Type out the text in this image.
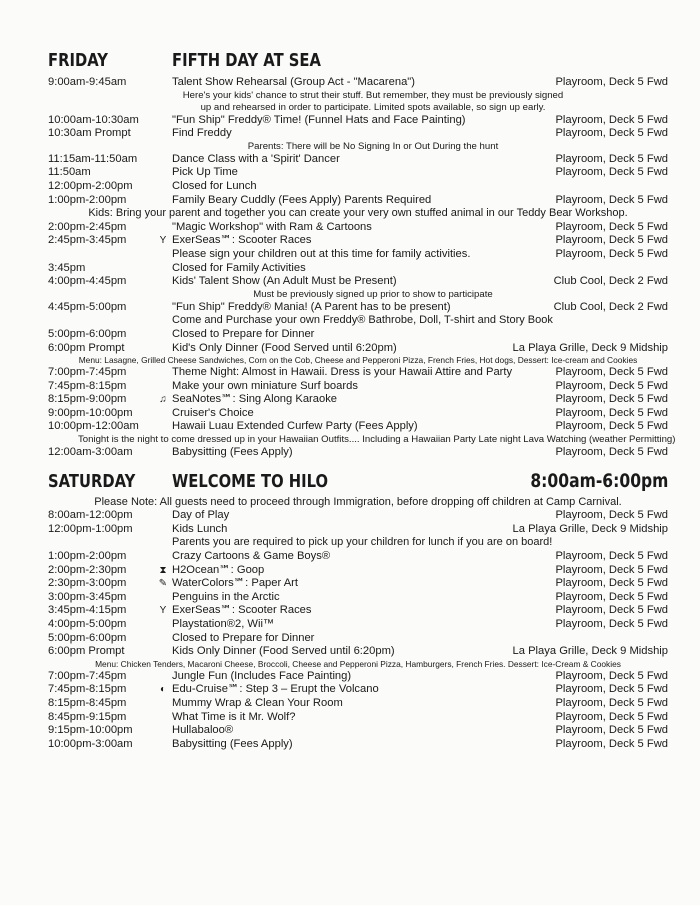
FRIDAY	FIFTH DAY AT SEA
9:00am-9:45am	Talent Show Rehearsal (Group Act - "Macarena")	Playroom, Deck 5 Fwd
Here's your kids' chance to strut their stuff. But remember, they must be previously signed
up and rehearsed in order to participate. Limited spots available, so sign up early.
10:00am-10:30am	"Fun Ship" Freddy® Time! (Funnel Hats and Face Painting)	Playroom, Deck 5 Fwd
10:30am Prompt	Find Freddy	Playroom, Deck 5 Fwd
Parents: There will be No Signing In or Out During the hunt
11:15am-11:50am	Dance Class with a 'Spirit' Dancer	Playroom, Deck 5 Fwd
11:50am	Pick Up Time	Playroom, Deck 5 Fwd
12:00pm-2:00pm	Closed for Lunch
1:00pm-2:00pm	Family Beary Cuddly (Fees Apply) Parents Required	Playroom, Deck 5 Fwd
Kids: Bring your parent and together you can create your very own stuffed animal in our Teddy Bear Workshop.
2:00pm-2:45pm	"Magic Workshop" with Ram & Cartoons	Playroom, Deck 5 Fwd
2:45pm-3:45pm	Y ExerSeas℠: Scooter Races	Playroom, Deck 5 Fwd
Please sign your children out at this time for family activities.	Playroom, Deck 5 Fwd
3:45pm	Closed for Family Activities
4:00pm-4:45pm	Kids' Talent Show (An Adult Must be Present)	Club Cool, Deck 2 Fwd
Must be previously signed up prior to show to participate
4:45pm-5:00pm	"Fun Ship" Freddy® Mania! (A Parent has to be present)	Club Cool, Deck 2 Fwd
Come and Purchase your own Freddy® Bathrobe, Doll, T-shirt and Story Book
5:00pm-6:00pm	Closed to Prepare for Dinner
6:00pm Prompt	Kid's Only Dinner (Food Served until 6:20pm)	La Playa Grille, Deck 9 Midship
Menu: Lasagne, Grilled Cheese Sandwiches, Corn on the Cob, Cheese and Pepperoni Pizza, French Fries, Hot dogs, Dessert: Ice-cream and Cookies
7:00pm-7:45pm	Theme Night: Almost in Hawaii. Dress is your Hawaii Attire and Party	Playroom, Deck 5 Fwd
7:45pm-8:15pm	Make your own miniature Surf boards	Playroom, Deck 5 Fwd
8:15pm-9:00pm	♫ SeaNotes℠: Sing Along Karaoke	Playroom, Deck 5 Fwd
9:00pm-10:00pm	Cruiser's Choice	Playroom, Deck 5 Fwd
10:00pm-12:00am	Hawaii Luau Extended Curfew Party (Fees Apply)	Playroom, Deck 5 Fwd
Tonight is the night to come dressed up in your Hawaiian Outfits.... Including a Hawaiian Party Late night Lava Watching (weather Permitting)
12:00am-3:00am	Babysitting (Fees Apply)	Playroom, Deck 5 Fwd
SATURDAY	WELCOME TO HILO	8:00am-6:00pm
Please Note: All guests need to proceed through Immigration, before dropping off children at Camp Carnival.
8:00am-12:00pm	Day of Play	Playroom, Deck 5 Fwd
12:00pm-1:00pm	Kids Lunch	La Playa Grille, Deck 9 Midship
Parents you are required to pick up your children for lunch if you are on board!
1:00pm-2:00pm	Crazy Cartoons & Game Boys®	Playroom, Deck 5 Fwd
2:00pm-2:30pm	⧗ H2Ocean℠: Goop	Playroom, Deck 5 Fwd
2:30pm-3:00pm	✎ WaterColors℠: Paper Art	Playroom, Deck 5 Fwd
3:00pm-3:45pm	Penguins in the Arctic	Playroom, Deck 5 Fwd
3:45pm-4:15pm	Y ExerSeas℠: Scooter Races	Playroom, Deck 5 Fwd
4:00pm-5:00pm	Playstation®2, Wii™	Playroom, Deck 5 Fwd
5:00pm-6:00pm	Closed to Prepare for Dinner
6:00pm Prompt	Kids Only Dinner (Food Served until 6:20pm)	La Playa Grille, Deck 9 Midship
Menu: Chicken Tenders, Macaroni Cheese, Broccoli, Cheese and Pepperoni Pizza, Hamburgers, French Fries. Dessert: Ice-Cream & Cookies
7:00pm-7:45pm	Jungle Fun (Includes Face Painting)	Playroom, Deck 5 Fwd
7:45pm-8:15pm	◐ Edu-Cruise℠: Step 3 – Erupt the Volcano	Playroom, Deck 5 Fwd
8:15pm-8:45pm	Mummy Wrap & Clean Your Room	Playroom, Deck 5 Fwd
8:45pm-9:15pm	What Time is it Mr. Wolf?	Playroom, Deck 5 Fwd
9:15pm-10:00pm	Hullabaloo®	Playroom, Deck 5 Fwd
10:00pm-3:00am	Babysitting (Fees Apply)	Playroom, Deck 5 Fwd
